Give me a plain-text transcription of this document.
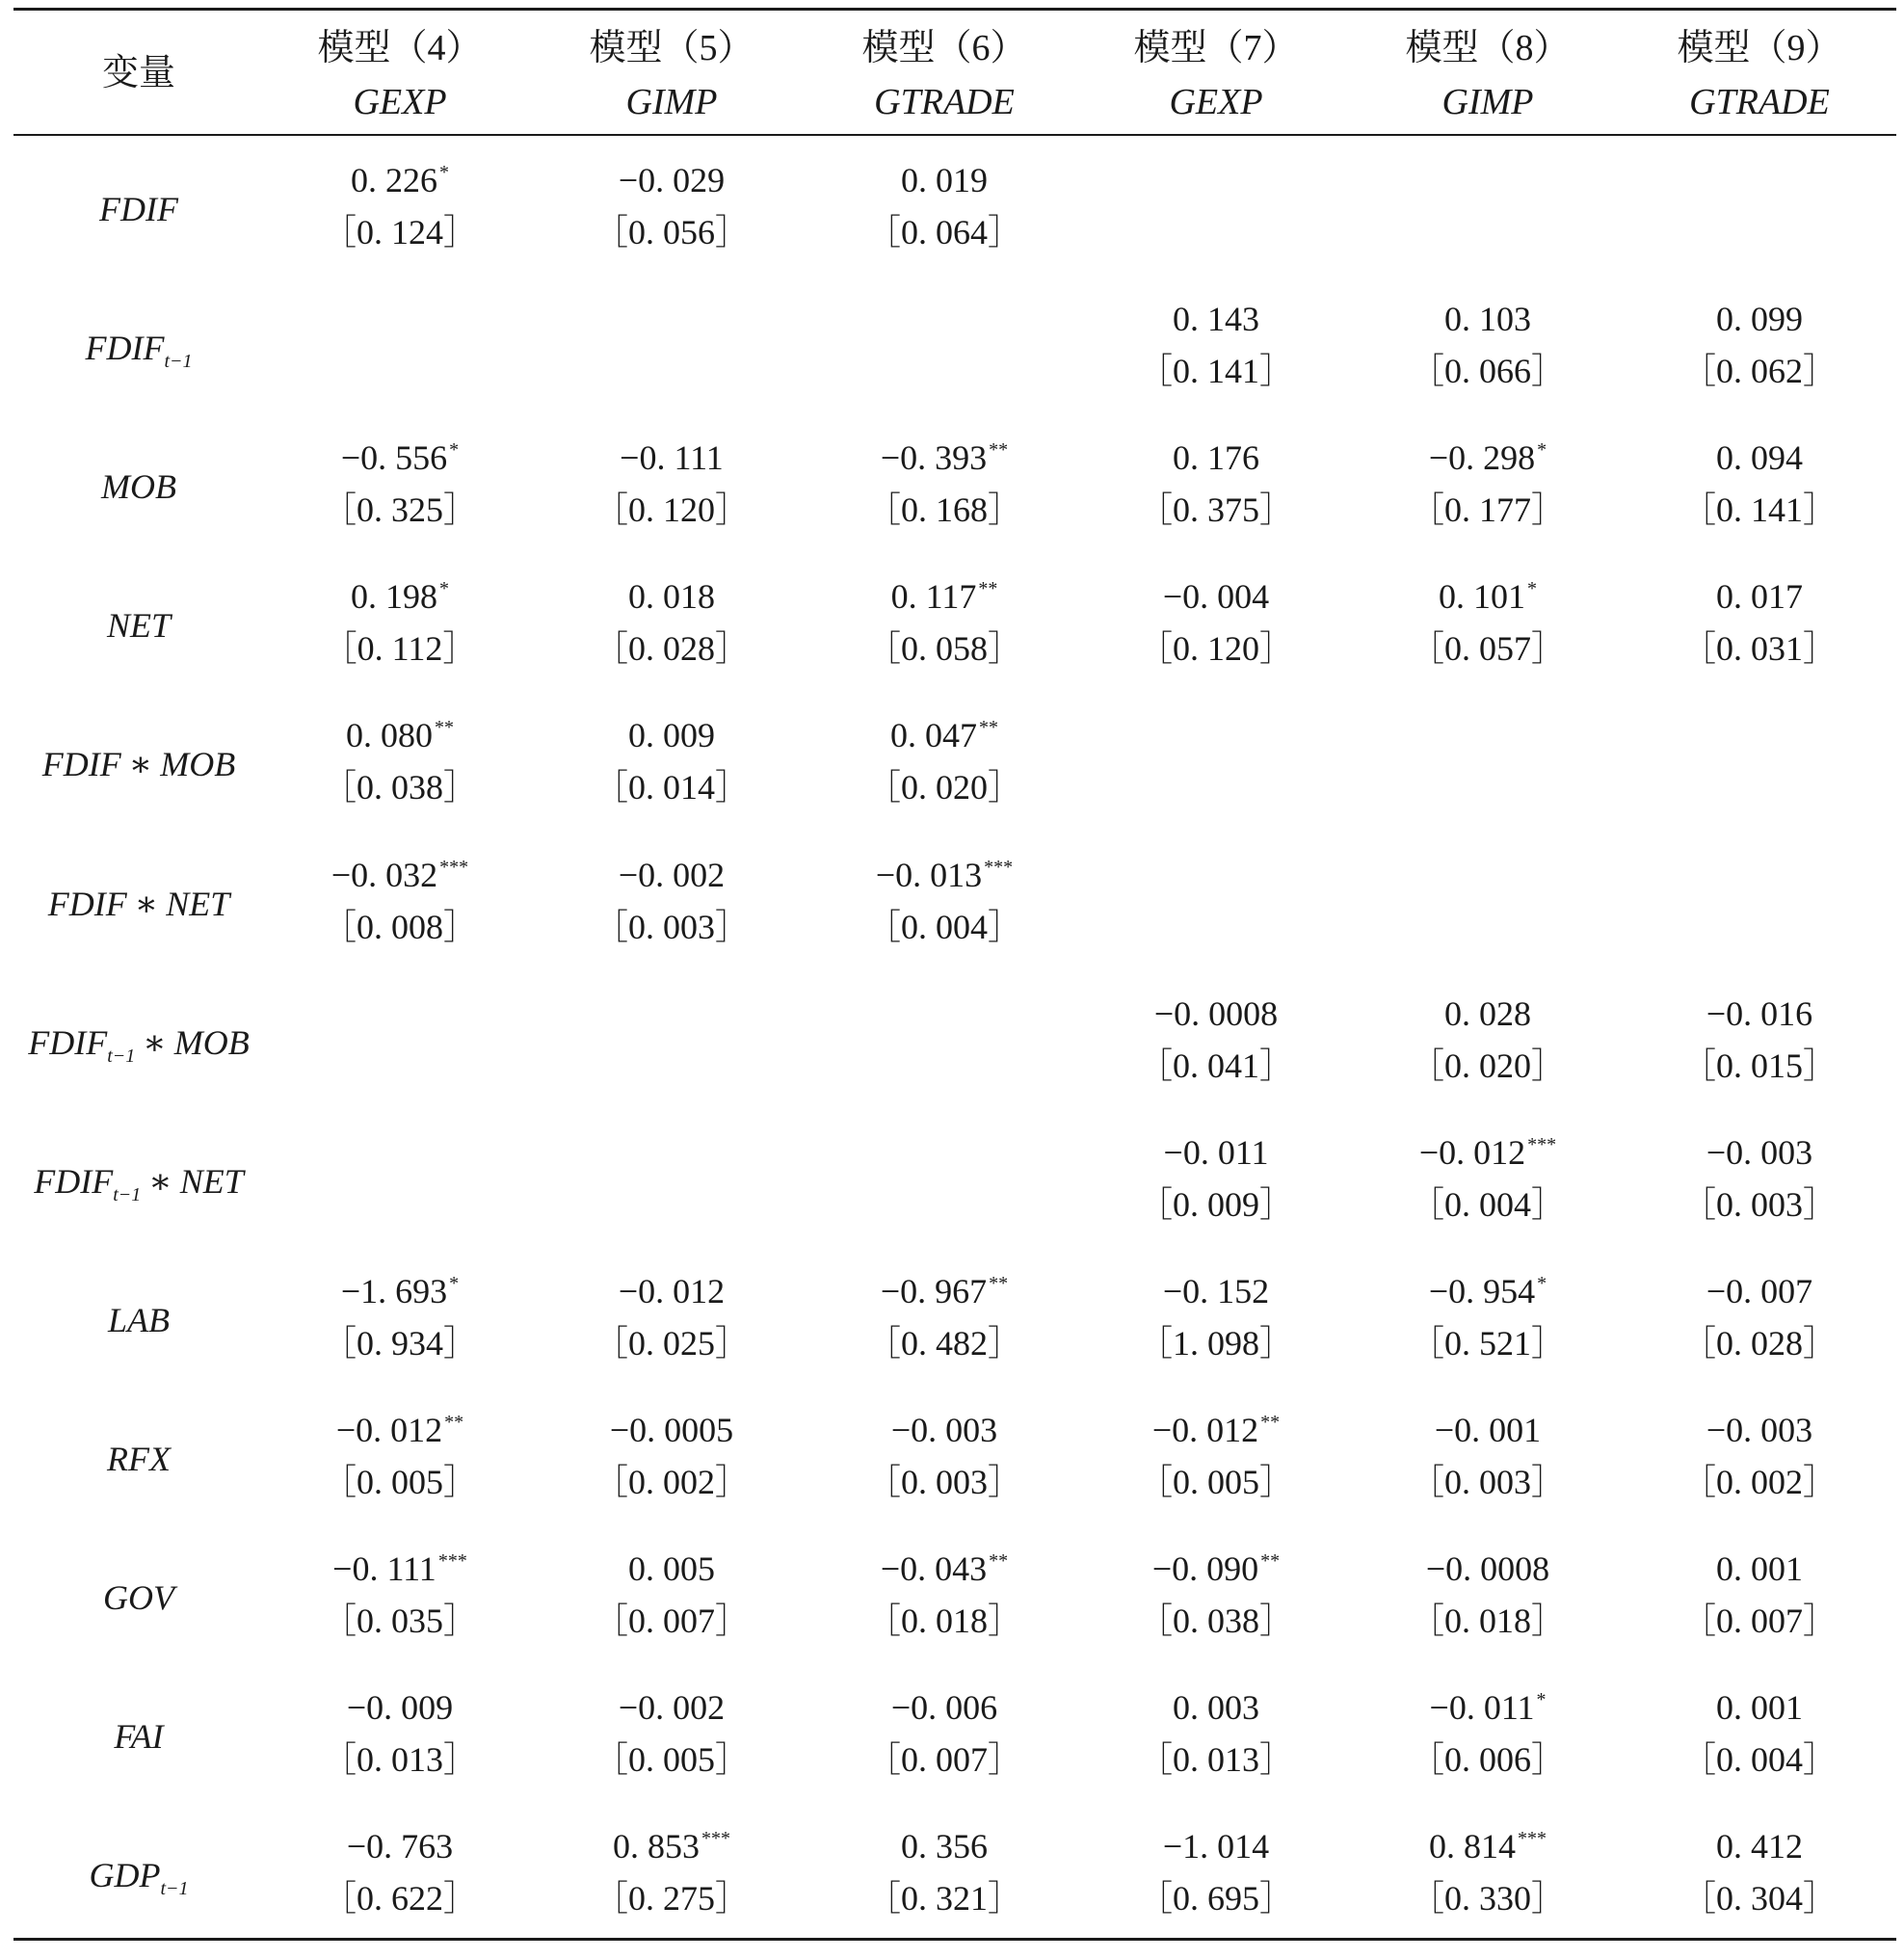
变量
模型（4）
GEXP
模型（5）
GIMP
模型（6）
GTRADE
模型（7）
GEXP
模型（8）
GIMP
模型（9）
GTRADE
FDIF
0. 226 *
［0. 124］
−0. 029
［0. 056］
0. 019
［0. 064］
$FDIF_{t-1}$
0. 143
［0. 141］
0. 103
［0. 066］
0. 099
［0. 062］
MOB
−0. 556 *
［0. 325］
−0. 111
［0. 120］
−0. 393 **
［0. 168］
0. 176
［0. 375］
−0. 298 *
［0. 177］
0. 094
［0. 141］
NET
0. 198 *
［0. 112］
0. 018
［0. 028］
0. 117 **
［0. 058］
−0. 004
［0. 120］
0. 101 *
［0. 057］
0. 017
［0. 031］
FDIF ∗ MOB
0. 080 **
［0. 038］
0. 009
［0. 014］
0. 047 **
［0. 020］
FDIF ∗ NET
−0. 032 ***
［0. 008］
−0. 002
［0. 003］
−0. 013 ***
［0. 004］
$FDIF_{t-1}$ ∗ MOB
−0. 0008
［0. 041］
0. 028
［0. 020］
−0. 016
［0. 015］
$FDIF_{t-1}$ ∗ NET
−0. 011
［0. 009］
−0. 012 ***
［0. 004］
−0. 003
［0. 003］
LAB
−1. 693 *
［0. 934］
−0. 012
［0. 025］
−0. 967 **
［0. 482］
−0. 152
［1. 098］
−0. 954 *
［0. 521］
−0. 007
［0. 028］
RFX
−0. 012 **
［0. 005］
−0. 0005
［0. 002］
−0. 003
［0. 003］
−0. 012 **
［0. 005］
−0. 001
［0. 003］
−0. 003
［0. 002］
GOV
−0. 111 ***
［0. 035］
0. 005
［0. 007］
−0. 043 **
［0. 018］
−0. 090 **
［0. 038］
−0. 0008
［0. 018］
0. 001
［0. 007］
FAI
−0. 009
［0. 013］
−0. 002
［0. 005］
−0. 006
［0. 007］
0. 003
［0. 013］
−0. 011 *
［0. 006］
0. 001
［0. 004］
$GDP_{t-1}$
−0. 763
［0. 622］
0. 853 ***
［0. 275］
0. 356
［0. 321］
−1. 014
［0. 695］
0. 814 ***
［0. 330］
0. 412
［0. 304］
